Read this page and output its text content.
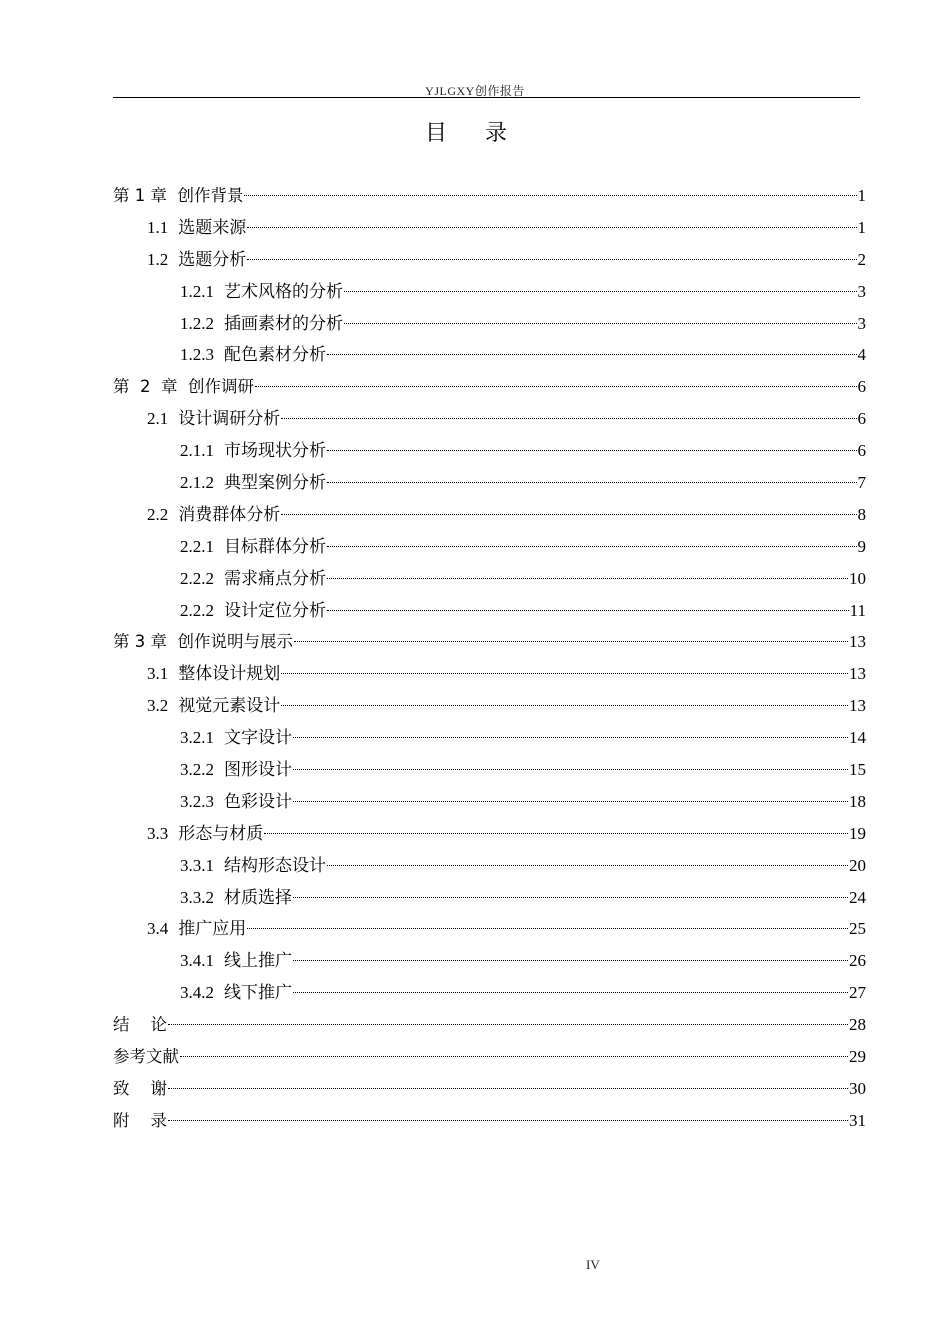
YJLGXY创作报告
目录
第 1 章  创作背景	1
1.1 选题来源	1
1.2 选题分析	2
1.2.1 艺术风格的分析	3
1.2.2 插画素材的分析	3
1.2.3 配色素材分析	4
第  2  章  创作调研	6
2.1 设计调研分析	6
2.1.1 市场现状分析	6
2.1.2 典型案例分析	7
2.2 消费群体分析	8
2.2.1 目标群体分析	9
2.2.2 需求痛点分析	10
2.2.2 设计定位分析	11
第 3 章  创作说明与展示	13
3.1 整体设计规划	13
3.2 视觉元素设计	13
3.2.1 文字设计	14
3.2.2 图形设计	15
3.2.3 色彩设计	18
3.3 形态与材质	19
3.3.1 结构形态设计	20
3.3.2 材质选择	24
3.4 推广应用	25
3.4.1 线上推广	26
3.4.2 线下推广	27
结    论	28
参考文献	29
致    谢	30
附    录	31
IV
